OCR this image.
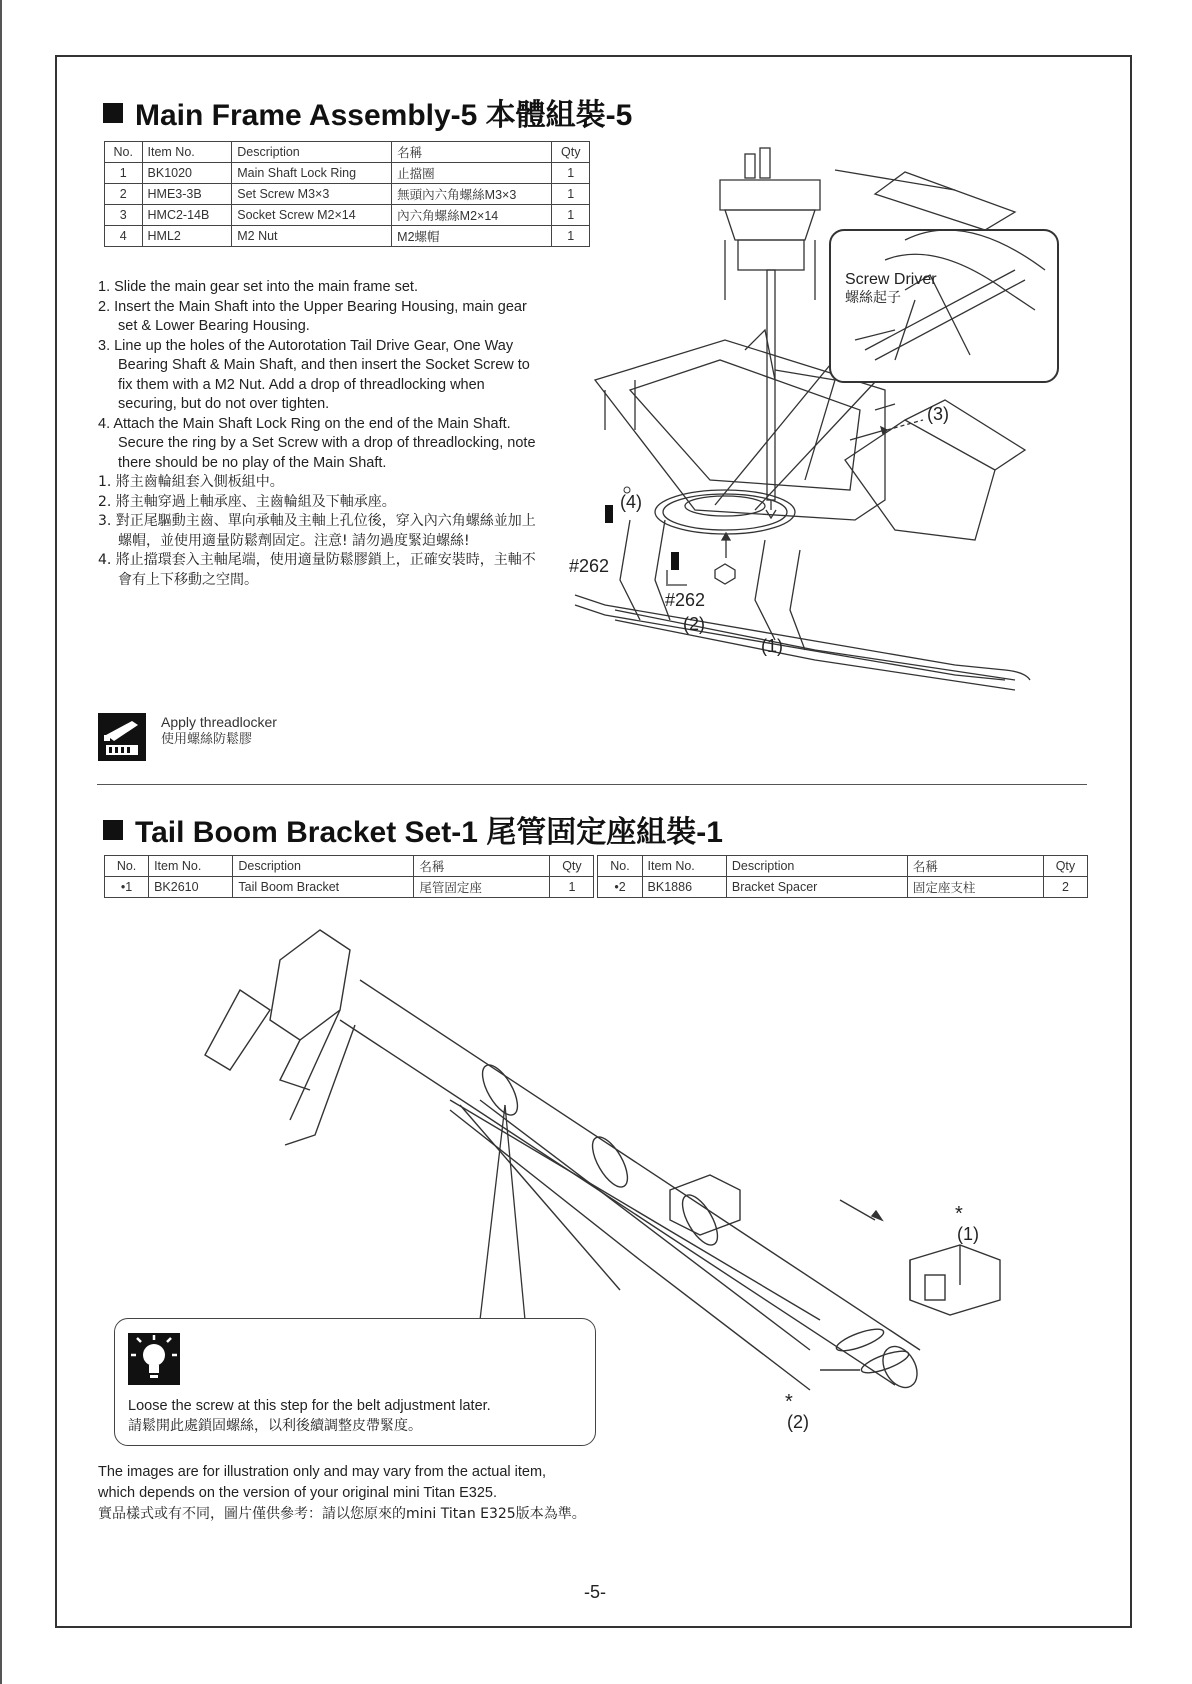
Main Frame Assembly-5 本體組裝-5
No.	Item No.	Description	名稱	Qty
1	BK1020	Main Shaft Lock Ring	止擋圈	1
2	HME3-3B	Set Screw M3×3	無頭內六角螺絲M3×3	1
3	HMC2-14B	Socket Screw M2×14	內六角螺絲M2×14	1
4	HML2	M2 Nut	M2螺帽	1
1. Slide the main gear set into the main frame set.
2. Insert the Main Shaft into the Upper Bearing Housing, main gear set & Lower Bearing Housing.
3. Line up the holes of the Autorotation Tail Drive Gear, One Way Bearing Shaft & Main Shaft, and then insert the Socket Screw to fix them with a M2 Nut. Add a drop of threadlocking when securing, but do not over tighten.
4. Attach the Main Shaft Lock Ring on the end of the Main Shaft. Secure the ring by a Set Screw with a drop of threadlocking, note there should be no play of the Main Shaft.
1. 將主齒輪組套入側板組中。
2. 將主軸穿過上軸承座、主齒輪組及下軸承座。
3. 對正尾驅動主齒、單向承軸及主軸上孔位後，穿入內六角螺絲並加上螺帽，並使用適量防鬆劑固定。注意! 請勿過度緊迫螺絲!
4. 將止擋環套入主軸尾端，使用適量防鬆膠鎖上，正確安裝時，主軸不會有上下移動之空間。
Apply threadlocker
使用螺絲防鬆膠
Screw Driver
螺絲起子
(3)
(4)
#262
#262
(2)
(1)
Tail Boom Bracket Set-1 尾管固定座組裝-1
No.	Item No.	Description	名稱	Qty		No.	Item No.	Description	名稱	Qty
•1	BK2610	Tail Boom Bracket	尾管固定座	1		•2	BK1886	Bracket Spacer	固定座支柱	2
*
(1)
*
(2)
Loose the screw at this step for the belt adjustment later.
請鬆開此處鎖固螺絲，以利後續調整皮帶緊度。
The images are for illustration only and may vary from the actual item,
which depends on the version of your original mini Titan E325.
實品樣式或有不同，圖片僅供參考：請以您原來的mini Titan E325版本為準。
-5-
